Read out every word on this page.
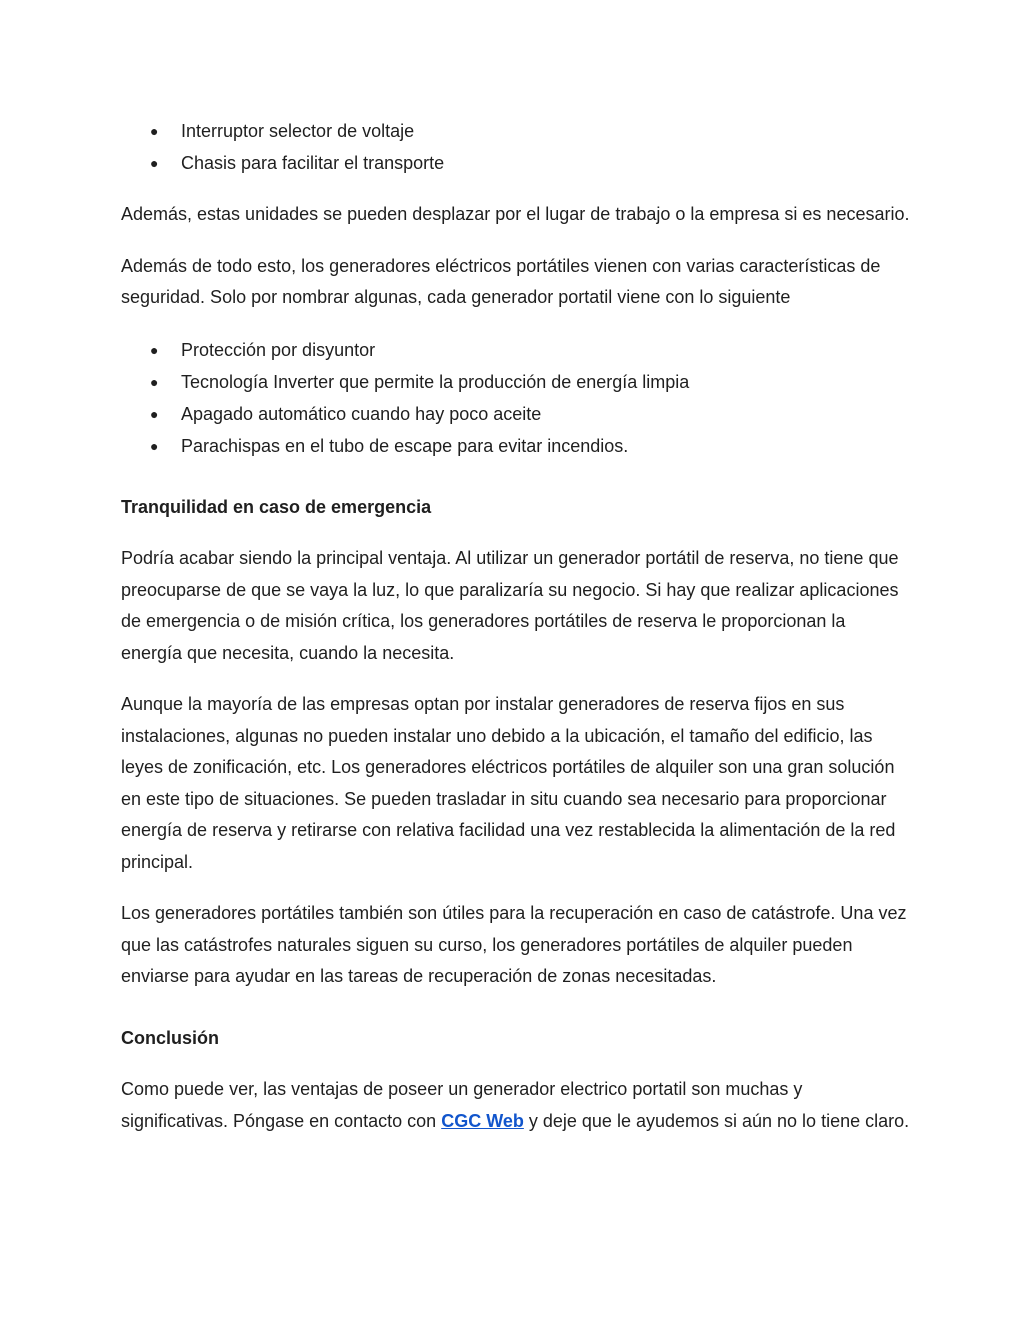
● Interruptor selector de voltaje
● Chasis para facilitar el transporte

Además, estas unidades se pueden desplazar por el lugar de trabajo o la empresa si es necesario.

Además de todo esto, los generadores eléctricos portátiles vienen con varias características de seguridad. Solo por nombrar algunas, cada generador portatil viene con lo siguiente

● Protección por disyuntor
● Tecnología Inverter que permite la producción de energía limpia
● Apagado automático cuando hay poco aceite
● Parachispas en el tubo de escape para evitar incendios.
Tranquilidad en caso de emergencia

Podría acabar siendo la principal ventaja. Al utilizar un generador portátil de reserva, no tiene que preocuparse de que se vaya la luz, lo que paralizaría su negocio. Si hay que realizar aplicaciones de emergencia o de misión crítica, los generadores portátiles de reserva le proporcionan la energía que necesita, cuando la necesita.

Aunque la mayoría de las empresas optan por instalar generadores de reserva fijos en sus instalaciones, algunas no pueden instalar uno debido a la ubicación, el tamaño del edificio, las leyes de zonificación, etc. Los generadores eléctricos portátiles de alquiler son una gran solución en este tipo de situaciones. Se pueden trasladar in situ cuando sea necesario para proporcionar energía de reserva y retirarse con relativa facilidad una vez restablecida la alimentación de la red principal.

Los generadores portátiles también son útiles para la recuperación en caso de catástrofe. Una vez que las catástrofes naturales siguen su curso, los generadores portátiles de alquiler pueden enviarse para ayudar en las tareas de recuperación de zonas necesitadas.

Conclusión

Como puede ver, las ventajas de poseer un generador electrico portatil son muchas y significativas. Póngase en contacto con CGC Web y deje que le ayudemos si aún no lo tiene claro.
